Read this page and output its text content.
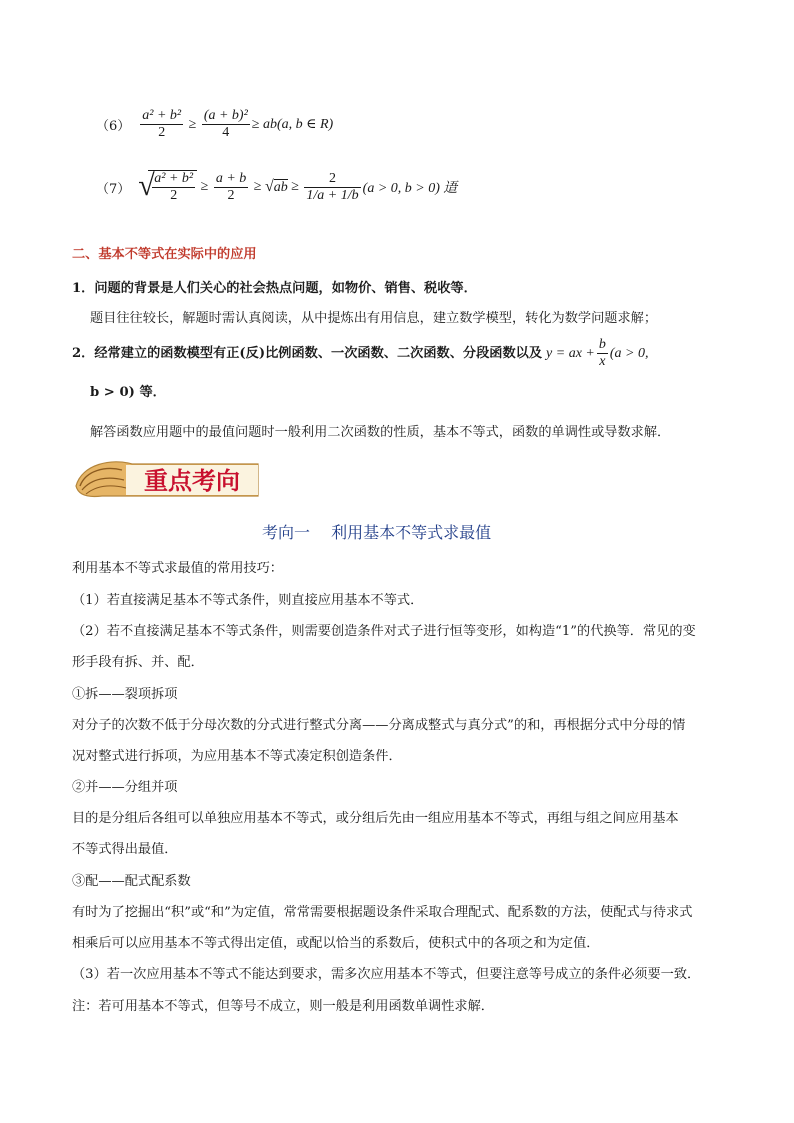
$(6) \frac{\text{a² + b²}}{2} \ge \frac{\text{(a + b)²}}{4} \ge ab(a$, b ∈ R)
（7） √
$\frac{\text{a² + b²}}{2} \ge \frac{a + b}{2}$ ≥ √ ab ≥ $\frac{2}{1/a + 1/b} (a > 0$, b > 0) 逜
二、基本不等式在实际中的应用
1．问题的背景是人们关心的社会热点问题，如物价、销售、税收等．
题目往往较长，解题时需认真阅读，从中提炼出有用信息，建立数学模型，转化为数学问题求解；
2．经常建立的函数模型有正(反)比例函数、一次函数、二次函数、分段函数以及 y = ax + $\frac{b}{x} (a > 0$,
b > 0) 等．
解答函数应用题中的最值问题时一般利用二次函数的性质，基本不等式，函数的单调性或导数求解．
重点考向
考向一　 利用基本不等式求最值
利用基本不等式求最值的常用技巧：
（1）若直接满足基本不等式条件，则直接应用基本不等式．
（2）若不直接满足基本不等式条件，则需要创造条件对式子进行恒等变形，如构造“1”的代换等．常见的变
形手段有拆、并、配．
①拆——裂项拆项
对分子的次数不低于分母次数的分式进行整式分离——分离成整式与真分式”的和，再根据分式中分母的情
况对整式进行拆项，为应用基本不等式凑定积创造条件．
②并——分组并项
目的是分组后各组可以单独应用基本不等式，或分组后先由一组应用基本不等式，再组与组之间应用基本
不等式得出最值．
③配——配式配系数
有时为了挖掘出“积”或“和”为定值，常常需要根据题设条件采取合理配式、配系数的方法，使配式与待求式
相乘后可以应用基本不等式得出定值，或配以恰当的系数后，使积式中的各项之和为定值．
（3）若一次应用基本不等式不能达到要求，需多次应用基本不等式，但要注意等号成立的条件必须要一致．
注：若可用基本不等式，但等号不成立，则一般是利用函数单调性求解．
